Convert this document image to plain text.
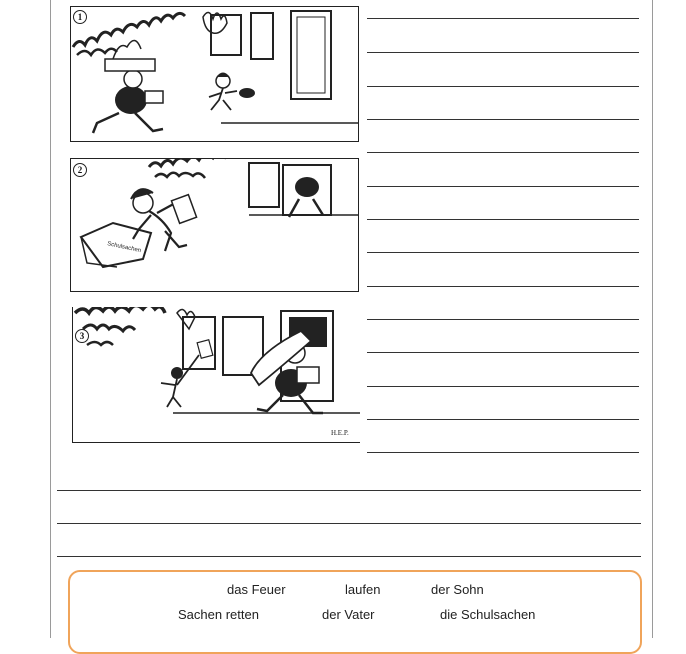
1
Schulsachen
2
H.E.P.
3
das Feuer	laufen	der Sohn
Sachen retten	der Vater	die Schulsachen
